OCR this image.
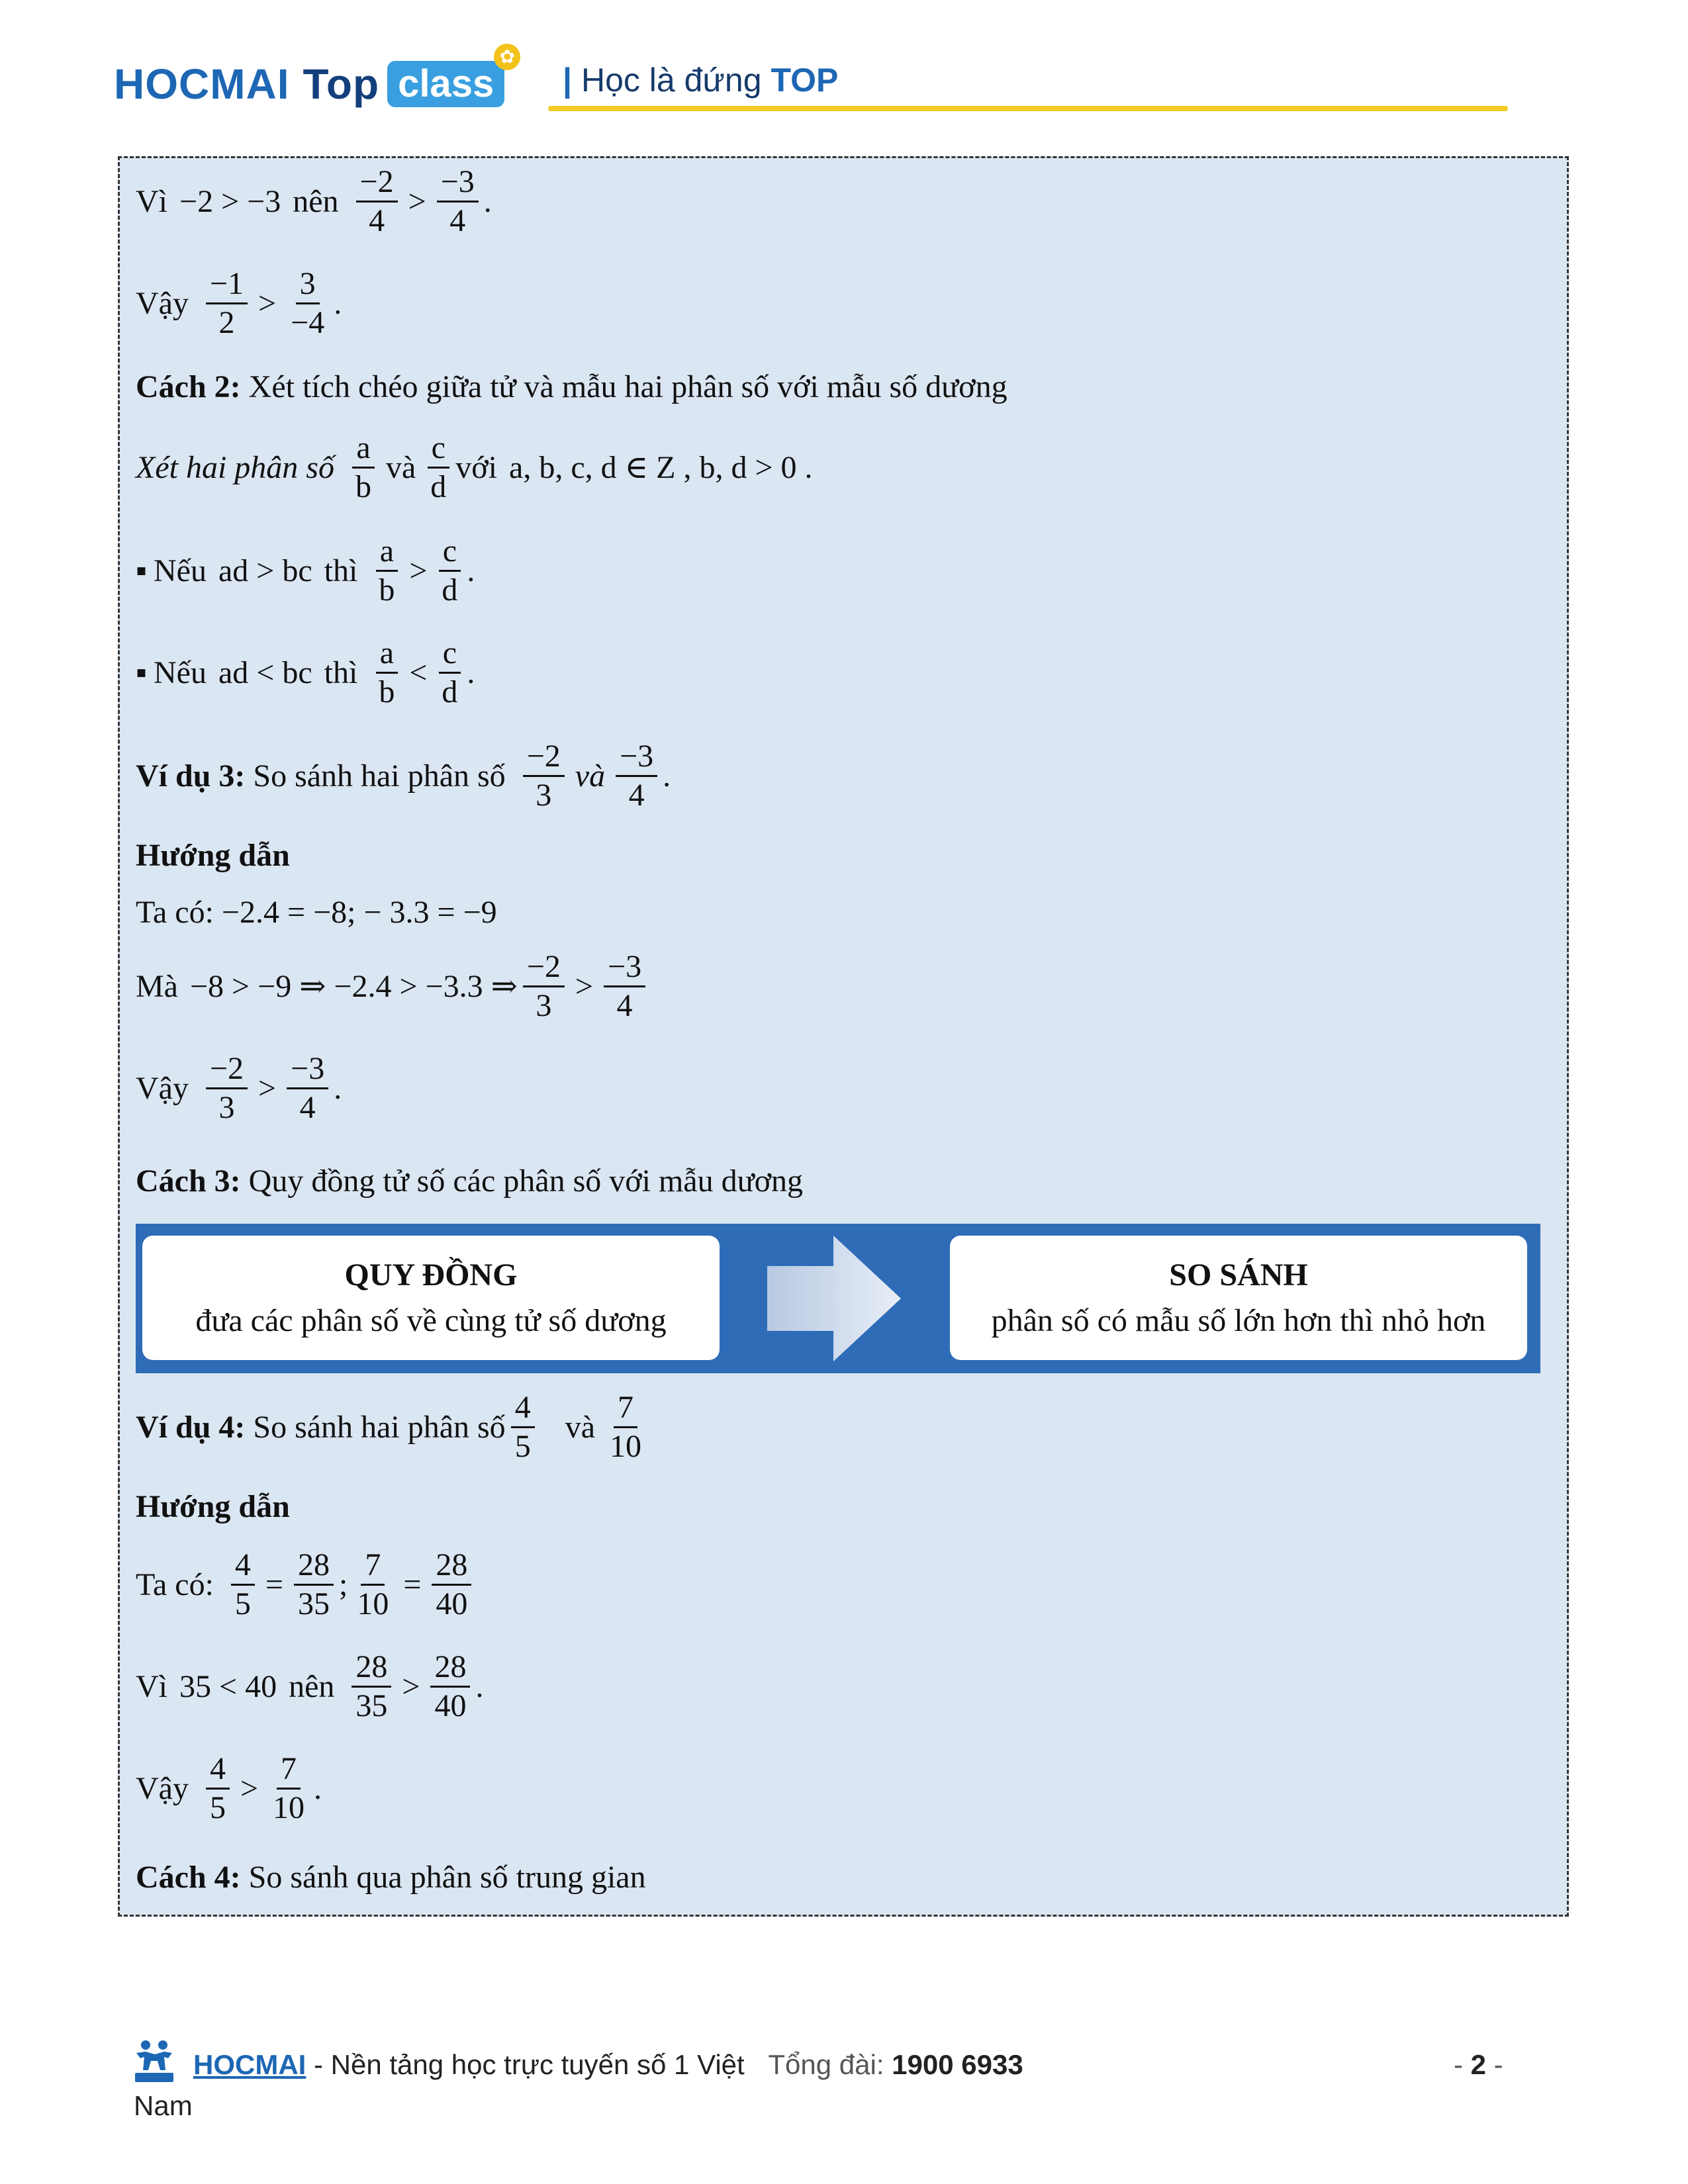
HOCMAI Top class
✿
| Học là đứng TOP
Vì −2 > −3 nên $\frac{-2}{4} > \frac{-3}{4}$ .
Vậy $\frac{-1}{2} > \frac{3}{-4}$ .
Cách 2: Xét tích chéo giữa tử và mẫu hai phân số với mẫu số dương
Xét hai phân số $\frac{a}{b}$ và $\frac{c}{d}$ với a, b, c, d ∈ Z , b, d > 0 .
▪ Nếu ad > bc thì $\frac{a}{b} > \frac{c}{d}$ .
▪ Nếu ad < bc thì $\frac{a}{b} < \frac{c}{d}$ .
Ví dụ 3: So sánh hai phân số $\frac{-2}{3}$ và $\frac{-3}{4}$ .
Hướng dẫn
Ta có: −2.4 = −8; − 3.3 = −9
Mà −8 > −9 ⇒ −2.4 > −3.3 ⇒ $\frac{-2}{3} > \frac{-3}{4}$
Vậy $\frac{-2}{3} > \frac{-3}{4}$ .
Cách 3: Quy đồng tử số các phân số với mẫu dương
QUY ĐỒNG
đưa các phân số về cùng tử số dương
SO SÁNH
phân số có mẫu số lớn hơn thì nhỏ hơn
Ví dụ 4: So sánh hai phân số $\frac{4}{5}$ và $\frac{7}{10}$
Hướng dẫn
Ta có: $\frac{4}{5} = \frac{28}{35}$ ; $\frac{7}{10} = \frac{28}{40}$
Vì 35 < 40 nên $\frac{28}{35} > \frac{28}{40}$ .
Vậy $\frac{4}{5} > \frac{7}{10}$ .
Cách 4: So sánh qua phân số trung gian
HOCMAI - Nền tảng học trực tuyến số 1 Việt Tổng đài: 1900 6933
Nam
- 2 -
